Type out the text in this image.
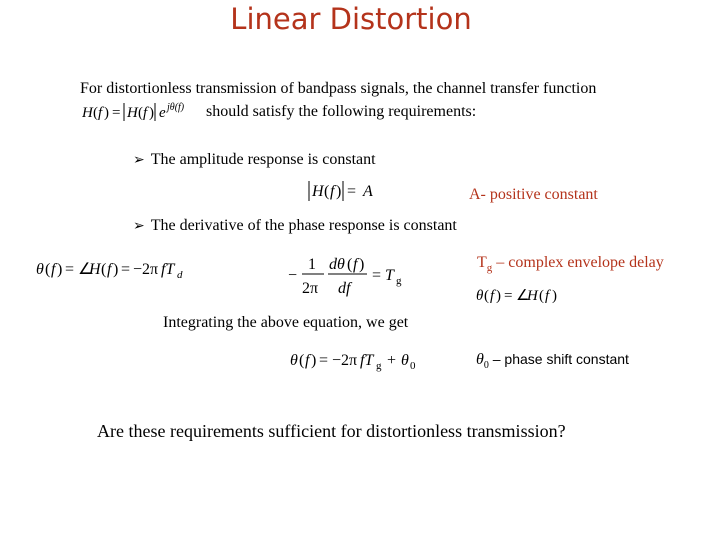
Linear Distortion
For distortionless transmission of bandpass signals, the channel transfer function
H ( f ) = H ( f ) e jθ(f) should satisfy the following requirements:
➢ The amplitude response is constant
H ( f ) = A	A- positive constant
➢ The derivative of the phase response is constant
θ ( f ) = ∠
H ( f ) = −2π fT d	−
1
2π
dθ ( f )
df
= T g
$T_g$ – complex envelope delay
θ ( f ) = ∠
H ( f )
Integrating the above equation, we get
θ ( f ) = −2π fT g + θ 0	$\theta_0$ – phase shift constant
Are these requirements sufficient for distortionless transmission?
